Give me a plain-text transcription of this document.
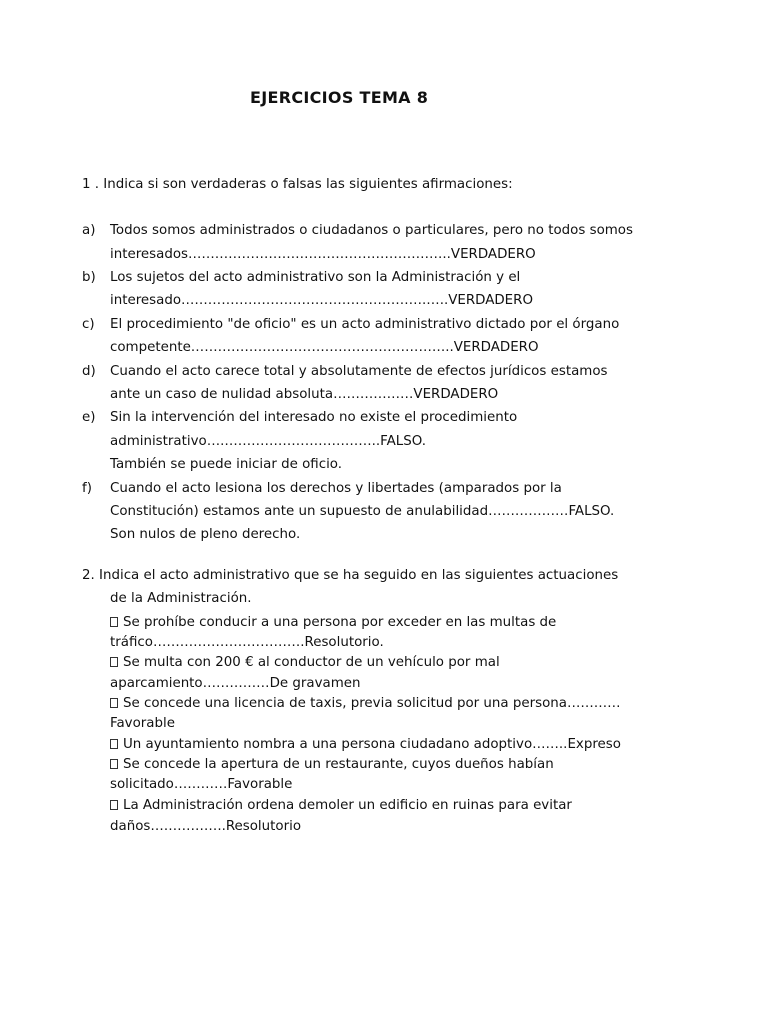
EJERCICIOS TEMA 8
1 . Indica si son verdaderas o falsas las siguientes afirmaciones:
a) Todos somos administrados o ciudadanos o particulares, pero no todos somos
interesados…………………………………………………..VERDADERO
b) Los sujetos del acto administrativo son la Administración y el
interesado……………………………………………….…..VERDADERO
c) El procedimiento "de oficio" es un acto administrativo dictado por el órgano
competente…………………………………………………..VERDADERO
d) Cuando el acto carece total y absolutamente de efectos jurídicos estamos
ante un caso de nulidad absoluta………………VERDADERO
e) Sin la intervención del interesado no existe el procedimiento
administrativo….……………………………..FALSO.
También se puede iniciar de oficio.
f) Cuando el acto lesiona los derechos y libertades (amparados por la
Constitución) estamos ante un supuesto de anulabilidad………………FALSO.
Son nulos de pleno derecho.
2. Indica el acto administrativo que se ha seguido en las siguientes actuaciones
de la Administración.
Se prohíbe conducir a una persona por exceder en las multas de
tráfico…………………………….Resolutorio.
Se multa con 200 € al conductor de un vehículo por mal
aparcamiento……………De gravamen
Se concede una licencia de taxis, previa solicitud por una persona…………
Favorable
Un ayuntamiento nombra a una persona ciudadano adoptivo……..Expreso
Se concede la apertura de un restaurante, cuyos dueños habían
solicitado…………Favorable
La Administración ordena demoler un edificio en ruinas para evitar
daños……………..Resolutorio
